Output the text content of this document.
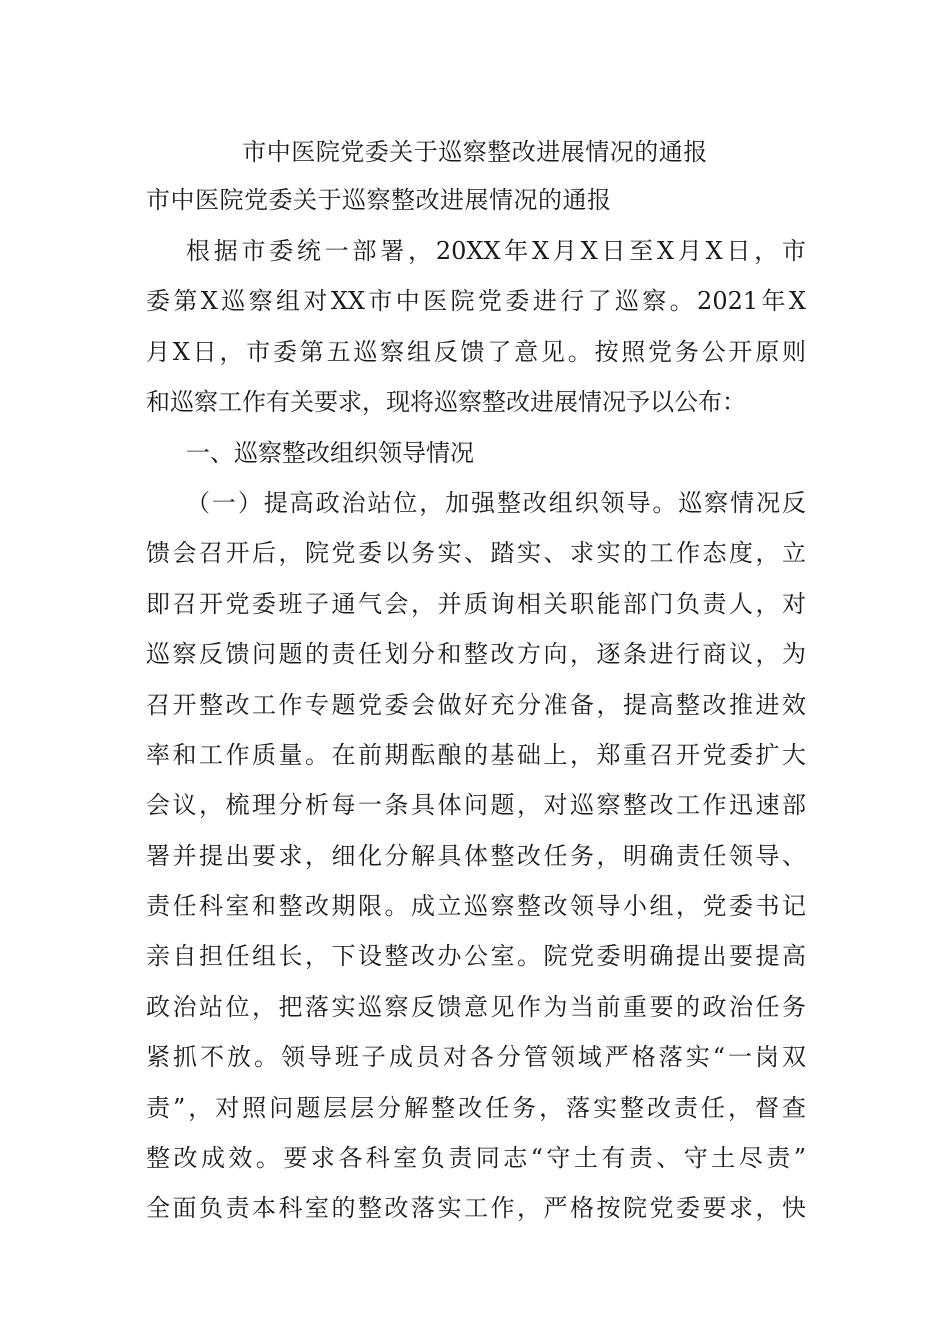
市中医院党委关于巡察整改进展情况的通报
市中医院党委关于巡察整改进展情况的通报
根据市委统一部署，20XX年X月X日至X月X日，市
委第X巡察组对XX市中医院党委进行了巡察。2021年X
月X日，市委第五巡察组反馈了意见。按照党务公开原则
和巡察工作有关要求，现将巡察整改进展情况予以公布：
一、巡察整改组织领导情况
（一）提高政治站位，加强整改组织领导。巡察情况反
馈会召开后，院党委以务实、踏实、求实的工作态度，立
即召开党委班子通气会，并质询相关职能部门负责人，对
巡察反馈问题的责任划分和整改方向，逐条进行商议，为
召开整改工作专题党委会做好充分准备，提高整改推进效
率和工作质量。在前期酝酿的基础上，郑重召开党委扩大
会议，梳理分析每一条具体问题，对巡察整改工作迅速部
署并提出要求，细化分解具体整改任务，明确责任领导、
责任科室和整改期限。成立巡察整改领导小组，党委书记
亲自担任组长，下设整改办公室。院党委明确提出要提高
政治站位，把落实巡察反馈意见作为当前重要的政治任务
紧抓不放。领导班子成员对各分管领域严格落实“一岗双
责”，对照问题层层分解整改任务，落实整改责任，督查
整改成效。要求各科室负责同志“守土有责、守土尽责”
全面负责本科室的整改落实工作，严格按院党委要求，快
